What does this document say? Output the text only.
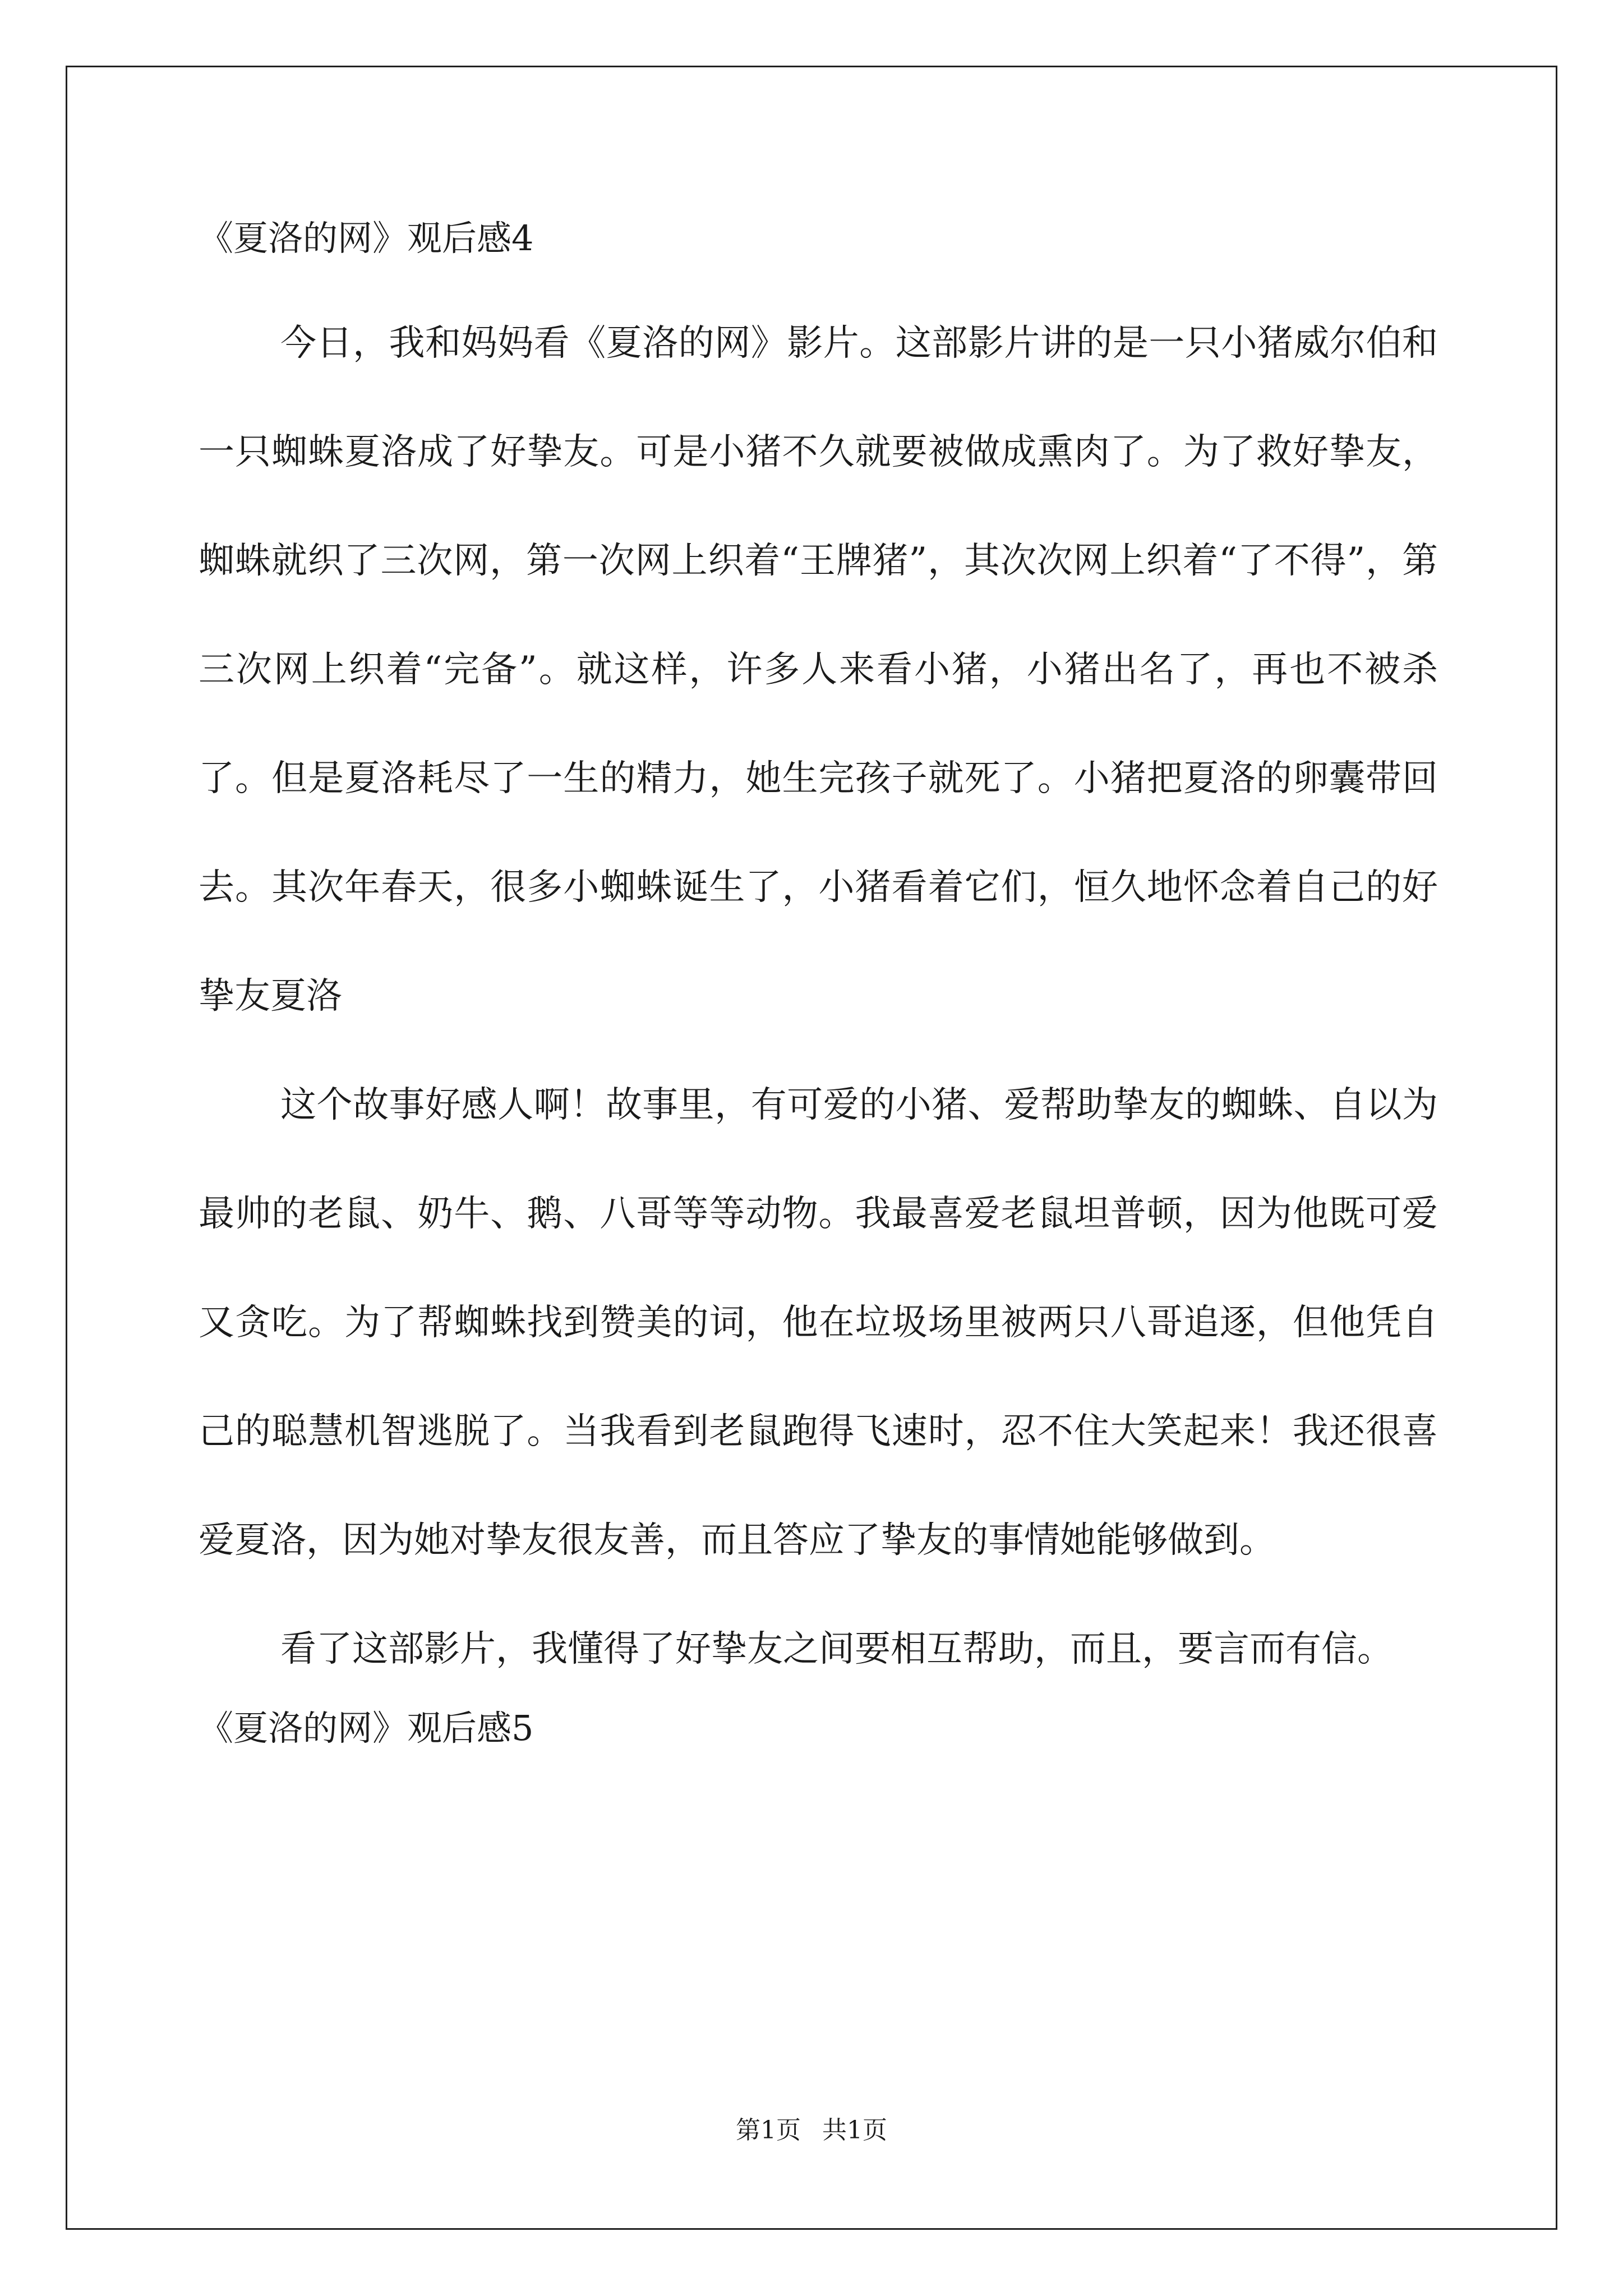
《夏洛的网》观后感4

今日，我和妈妈看《夏洛的网》影片。这部影片讲的是一只小猪威尔伯和一只蜘蛛夏洛成了好挚友。可是小猪不久就要被做成熏肉了。为了救好挚友，蜘蛛就织了三次网，第一次网上织着“王牌猪”，其次次网上织着“了不得”，第三次网上织着“完备”。就这样，许多人来看小猪，小猪出名了，再也不被杀了。但是夏洛耗尽了一生的精力，她生完孩子就死了。小猪把夏洛的卵囊带回去。其次年春天，很多小蜘蛛诞生了，小猪看着它们，恒久地怀念着自己的好挚友夏洛

这个故事好感人啊！故事里，有可爱的小猪、爱帮助挚友的蜘蛛、自以为最帅的老鼠、奶牛、鹅、八哥等等动物。我最喜爱老鼠坦普顿，因为他既可爱又贪吃。为了帮蜘蛛找到赞美的词，他在垃圾场里被两只八哥追逐，但他凭自己的聪慧机智逃脱了。当我看到老鼠跑得飞速时，忍不住大笑起来！我还很喜爱夏洛，因为她对挚友很友善，而且答应了挚友的事情她能够做到。

看了这部影片，我懂得了好挚友之间要相互帮助，而且，要言而有信。

《夏洛的网》观后感5
第1页 共1页
